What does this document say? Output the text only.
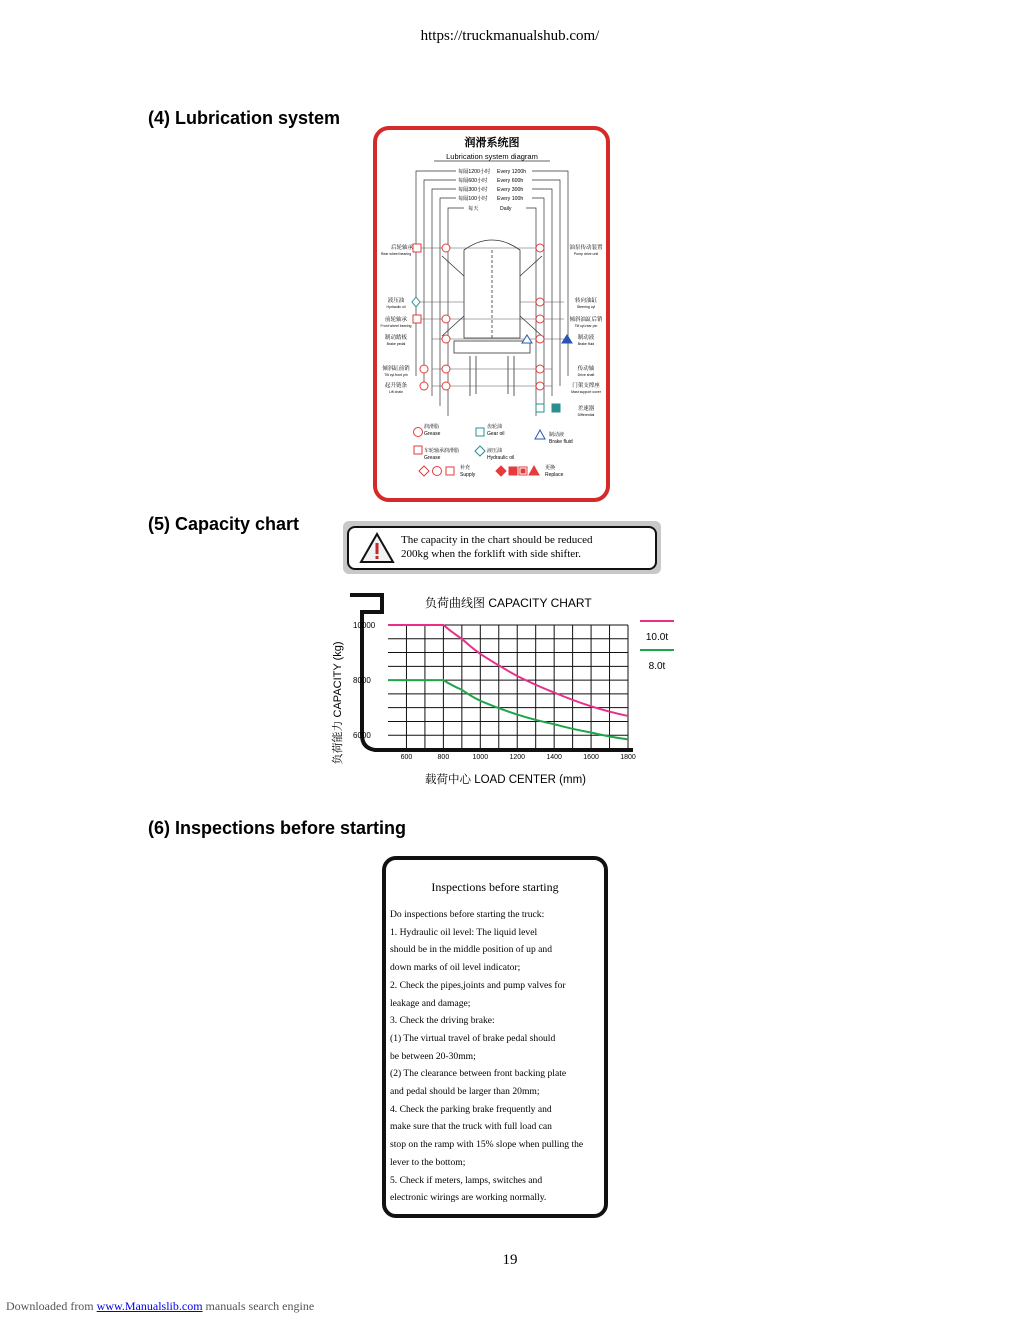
https://truckmanualshub.com/
(4) Lubrication system
润滑系统图
Lubrication system diagram
每隔1200小时 Every 1200h
每隔600小时 Every 600h
每隔300小时 Every 300h
每隔100小时 Every 100h
每天	Daily
后轮轴承
Rear wheel bearing
液压油
Hydraulic oil
前轮轴承
Front wheel bearing
制动踏板
Brake pedal
倾斜缸前销
Tilt cyl.front pin
起升链条
Lift chain
油泵传动装置
Pump drive unit
转向油缸
Steering cyl
倾斜油缸后销
Tilt cyl.rear pin
制动液
Brake fluid
传动轴
Drive shaft
门架支撑座
Mast support cover
差速器
Differential
润滑脂
Grease
齿轮油
Gear oil	制动液
Brake fluid
车轮轴承润滑脂
Grease
液压油
Hydraulic oil
补充
Supply
更换
Replace
(5) Capacity chart
The capacity in the chart should be reduced
200kg when the forklift with side shifter.
负荷曲线图 CAPACITY CHART
负荷能力 CAPACITY (kg)
载荷中心 LOAD CENTER (mm)
10000
8000
6000
600	800	1000	1200	1400	1600	1800
10.0t
8.0t
(6) Inspections before starting
Inspections before starting
Do inspections before starting the truck:
1. Hydraulic oil level: The liquid level
should be in the middle position of up and
down marks of oil level indicator;
2. Check the pipes,joints and pump valves for
leakage and damage;
3. Check the driving brake:
(1) The virtual travel of brake pedal should
be between 20-30mm;
(2) The clearance between front backing plate
and pedal should be larger than 20mm;
4. Check the parking brake frequently and
make sure that the truck with full load can
stop on the ramp with 15% slope when pulling the
lever to the bottom;
5. Check if meters, lamps, switches and
electronic wirings are working normally.
19
Downloaded from www.Manualslib.com manuals search engine
